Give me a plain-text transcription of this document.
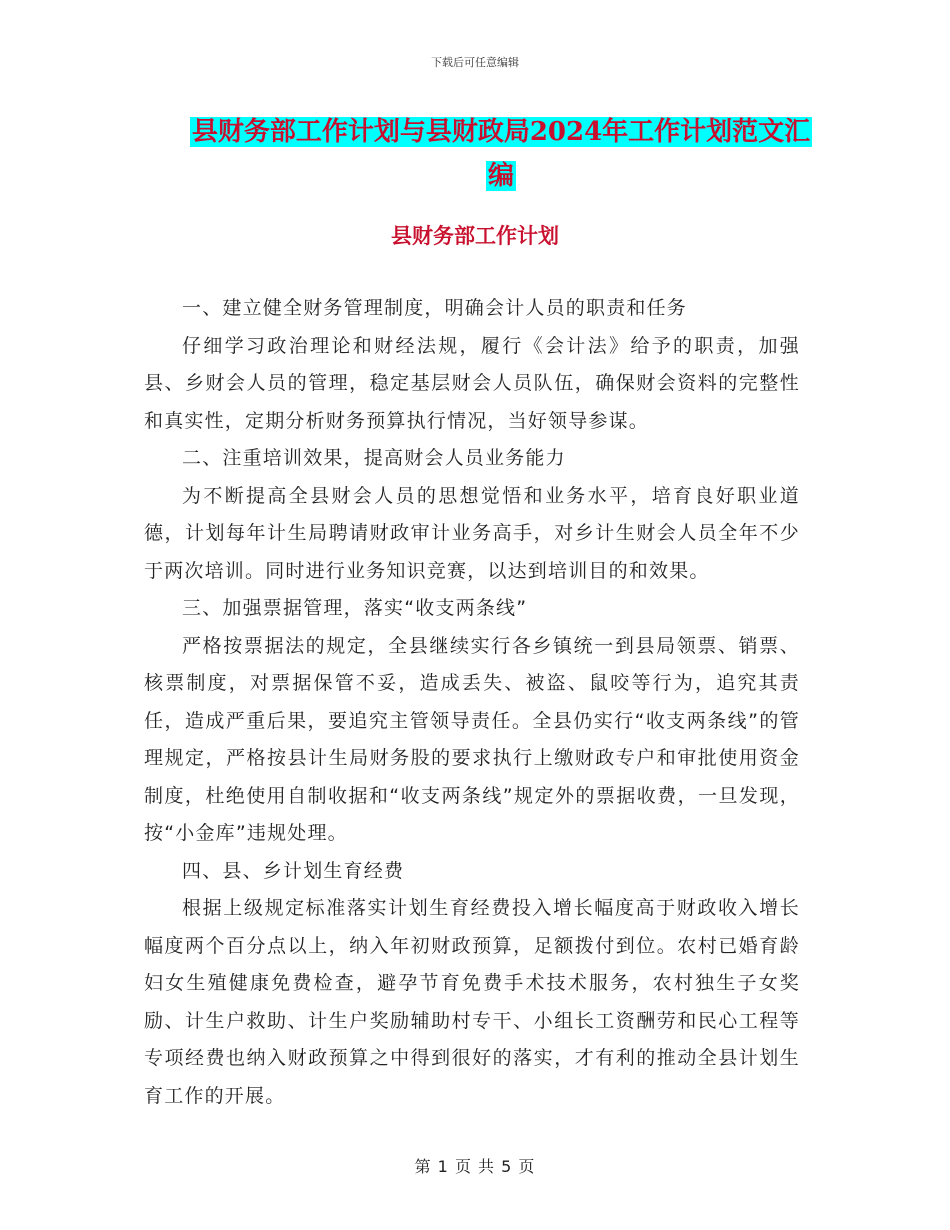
下载后可任意编辑
县财务部工作计划与县财政局2024年工作计划范文汇
编
县财务部工作计划

一、建立健全财务管理制度，明确会计人员的职责和任务

仔细学习政治理论和财经法规，履行《会计法》给予的职责，加强县、乡财会人员的管理，稳定基层财会人员队伍，确保财会资料的完整性和真实性，定期分析财务预算执行情况，当好领导参谋。

二、注重培训效果，提高财会人员业务能力

为不断提高全县财会人员的思想觉悟和业务水平，培育良好职业道德，计划每年计生局聘请财政审计业务高手，对乡计生财会人员全年不少于两次培训。同时进行业务知识竞赛，以达到培训目的和效果。

三、加强票据管理，落实“收支两条线”

严格按票据法的规定，全县继续实行各乡镇统一到县局领票、销票、核票制度，对票据保管不妥，造成丢失、被盗、鼠咬等行为，追究其责任，造成严重后果，要追究主管领导责任。全县仍实行“收支两条线”的管理规定，严格按县计生局财务股的要求执行上缴财政专户和审批使用资金制度，杜绝使用自制收据和“收支两条线”规定外的票据收费，一旦发现，按“小金库”违规处理。

四、县、乡计划生育经费

根据上级规定标准落实计划生育经费投入增长幅度高于财政收入增长幅度两个百分点以上，纳入年初财政预算，足额拨付到位。农村已婚育龄妇女生殖健康免费检查，避孕节育免费手术技术服务，农村独生子女奖励、计生户救助、计生户奖励辅助村专干、小组长工资酬劳和民心工程等专项经费也纳入财政预算之中得到很好的落实，才有利的推动全县计划生育工作的开展。

第 1 页 共 5 页
